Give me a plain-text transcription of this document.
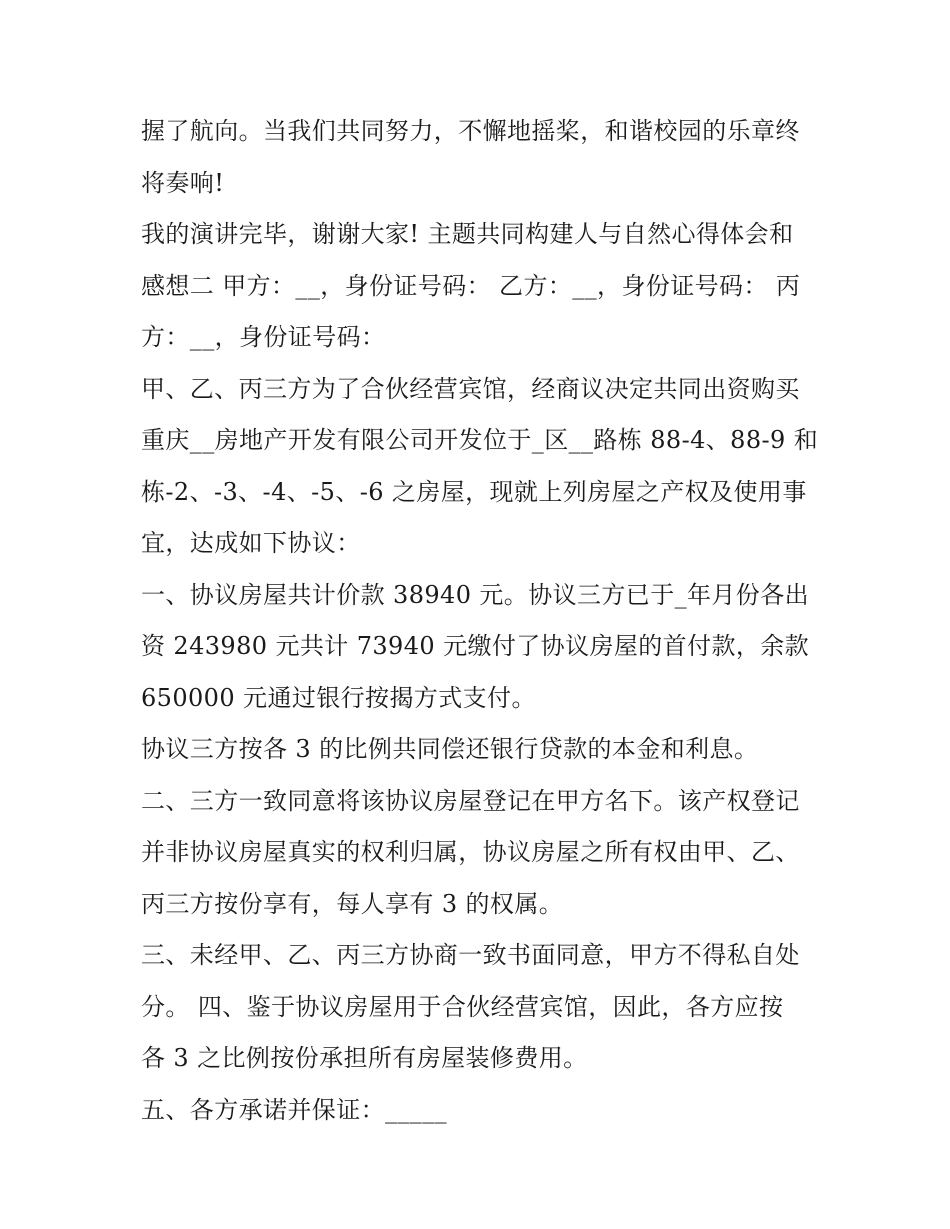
握了航向。当我们共同努力，不懈地摇桨，和谐校园的乐章终
将奏响!
我的演讲完毕，谢谢大家! 主题共同构建人与自然心得体会和
感想二 甲方：__，身份证号码： 乙方：__，身份证号码： 丙
方：__，身份证号码：
甲、乙、丙三方为了合伙经营宾馆，经商议决定共同出资购买
重庆__房地产开发有限公司开发位于_区__路栋 88-4、88-9 和
栋-2、-3、-4、-5、-6 之房屋，现就上列房屋之产权及使用事
宜，达成如下协议：
一、协议房屋共计价款 38940 元。协议三方已于_年月份各出
资 243980 元共计 73940 元缴付了协议房屋的首付款，余款
650000 元通过银行按揭方式支付。
协议三方按各 3 的比例共同偿还银行贷款的本金和利息。
二、三方一致同意将该协议房屋登记在甲方名下。该产权登记
并非协议房屋真实的权利归属，协议房屋之所有权由甲、乙、
丙三方按份享有，每人享有 3 的权属。
三、未经甲、乙、丙三方协商一致书面同意，甲方不得私自处
分。 四、鉴于协议房屋用于合伙经营宾馆，因此，各方应按
各 3 之比例按份承担所有房屋装修费用。
五、各方承诺并保证：_____
